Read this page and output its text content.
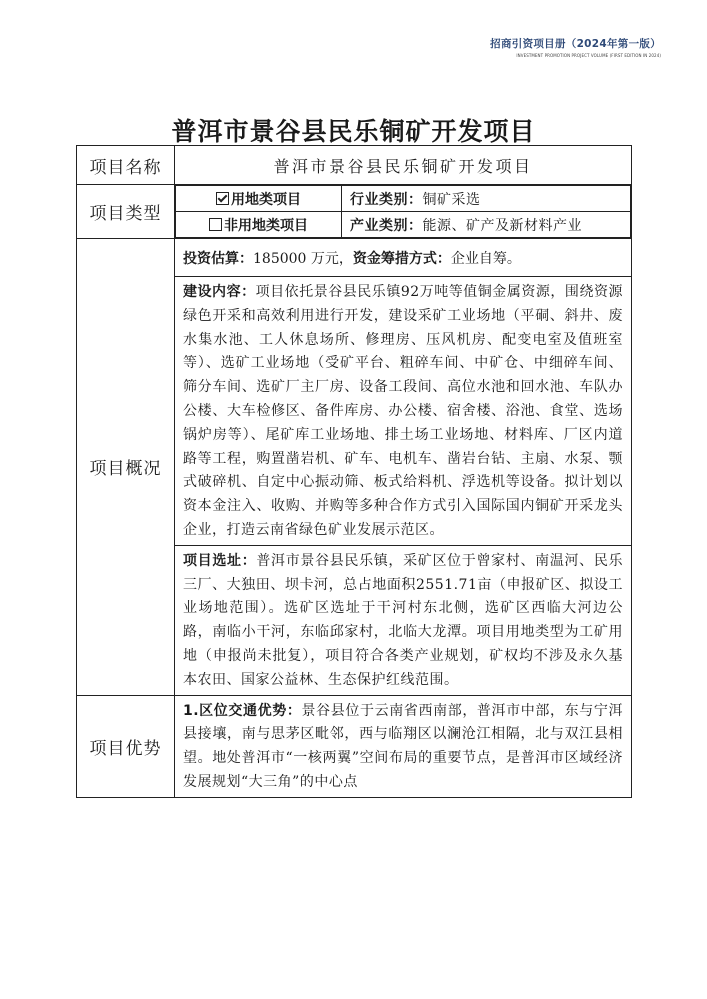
招商引资项目册（2024年第一版）
INVESTMENT PROMOTION PROJECT VOLUME (FIRST EDITION IN 2024)
普洱市景谷县民乐铜矿开发项目
项目名称	普洱市景谷县民乐铜矿开发项目
项目类型	
用地类项目	行业类别：铜矿采选
非用地类项目	产业类别：能源、矿产及新材料产业

项目概况	投资估算：185000 万元，资金筹措方式：企业自筹。

建设内容：项目依托景谷县民乐镇92万吨等值铜金属资源，围绕资源绿色开采和高效利用进行开发，建设采矿工业场地（平硐、斜井、废水集水池、工人休息场所、修理房、压风机房、配变电室及值班室等）、选矿工业场地（受矿平台、粗碎车间、中矿仓、中细碎车间、筛分车间、选矿厂主厂房、设备工段间、高位水池和回水池、车队办公楼、大车检修区、备件库房、办公楼、宿舍楼、浴池、食堂、选场锅炉房等）、尾矿库工业场地、排土场工业场地、材料库、厂区内道路等工程，购置凿岩机、矿车、电机车、凿岩台钻、主扇、水泵、颚式破碎机、自定中心振动筛、板式给料机、浮选机等设备。拟计划以资本金注入、收购、并购等多种合作方式引入国际国内铜矿开采龙头企业，打造云南省绿色矿业发展示范区。

项目选址：普洱市景谷县民乐镇，采矿区位于曾家村、南温河、民乐三厂、大独田、坝卡河，总占地面积2551.71亩（申报矿区、拟设工业场地范围）。选矿区选址于干河村东北侧，选矿区西临大河边公路，南临小干河，东临邱家村，北临大龙潭。项目用地类型为工矿用地（申报尚未批复），项目符合各类产业规划，矿权均不涉及永久基本农田、国家公益林、生态保护红线范围。

项目优势	

1.区位交通优势：景谷县位于云南省西南部，普洱市中部，东与宁洱县接壤，南与思茅区毗邻，西与临翔区以澜沧江相隔，北与双江县相望。地处普洱市“一核两翼”空间布局的重要节点，是普洱市区域经济发展规划“大三角”的中心点
